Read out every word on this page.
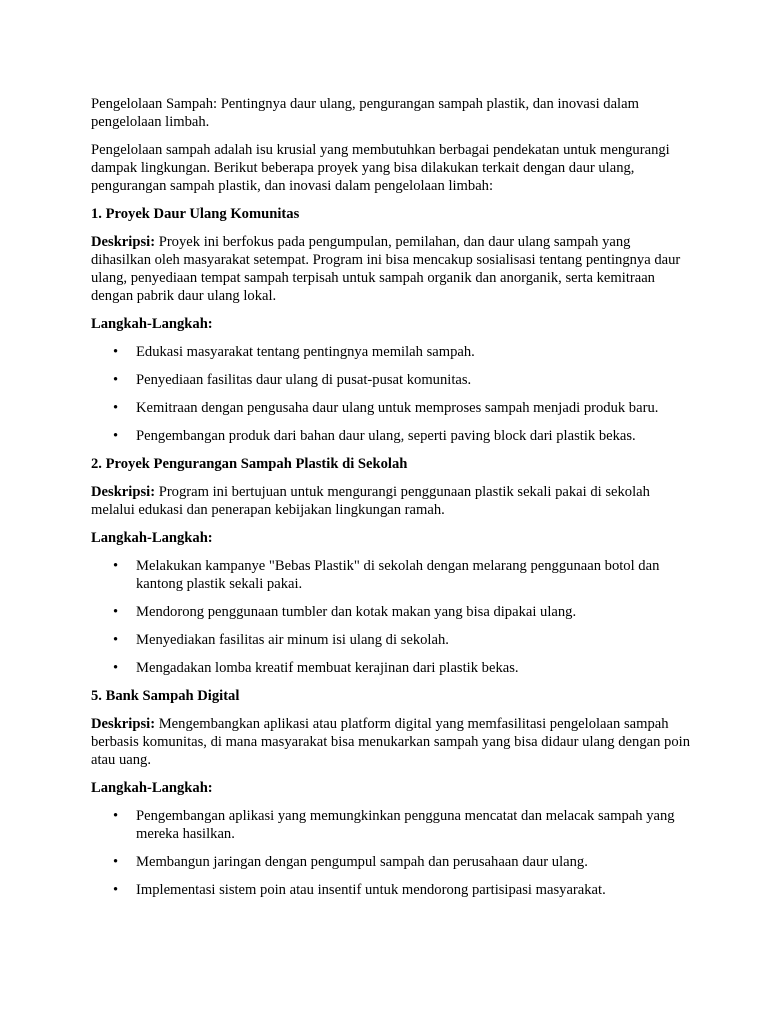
Pengelolaan Sampah: Pentingnya daur ulang, pengurangan sampah plastik, dan inovasi dalam pengelolaan limbah.

Pengelolaan sampah adalah isu krusial yang membutuhkan berbagai pendekatan untuk mengurangi dampak lingkungan. Berikut beberapa proyek yang bisa dilakukan terkait dengan daur ulang, pengurangan sampah plastik, dan inovasi dalam pengelolaan limbah:

1. Proyek Daur Ulang Komunitas

Deskripsi: Proyek ini berfokus pada pengumpulan, pemilahan, dan daur ulang sampah yang dihasilkan oleh masyarakat setempat. Program ini bisa mencakup sosialisasi tentang pentingnya daur ulang, penyediaan tempat sampah terpisah untuk sampah organik dan anorganik, serta kemitraan dengan pabrik daur ulang lokal.

Langkah-Langkah:

• Edukasi masyarakat tentang pentingnya memilah sampah.
• Penyediaan fasilitas daur ulang di pusat-pusat komunitas.
• Kemitraan dengan pengusaha daur ulang untuk memproses sampah menjadi produk baru.
• Pengembangan produk dari bahan daur ulang, seperti paving block dari plastik bekas.

2. Proyek Pengurangan Sampah Plastik di Sekolah

Deskripsi: Program ini bertujuan untuk mengurangi penggunaan plastik sekali pakai di sekolah melalui edukasi dan penerapan kebijakan lingkungan ramah.

Langkah-Langkah:

• Melakukan kampanye "Bebas Plastik" di sekolah dengan melarang penggunaan botol dan kantong plastik sekali pakai.
• Mendorong penggunaan tumbler dan kotak makan yang bisa dipakai ulang.
• Menyediakan fasilitas air minum isi ulang di sekolah.
• Mengadakan lomba kreatif membuat kerajinan dari plastik bekas.

5. Bank Sampah Digital

Deskripsi: Mengembangkan aplikasi atau platform digital yang memfasilitasi pengelolaan sampah berbasis komunitas, di mana masyarakat bisa menukarkan sampah yang bisa didaur ulang dengan poin atau uang.

Langkah-Langkah:

• Pengembangan aplikasi yang memungkinkan pengguna mencatat dan melacak sampah yang mereka hasilkan.
• Membangun jaringan dengan pengumpul sampah dan perusahaan daur ulang.
• Implementasi sistem poin atau insentif untuk mendorong partisipasi masyarakat.
